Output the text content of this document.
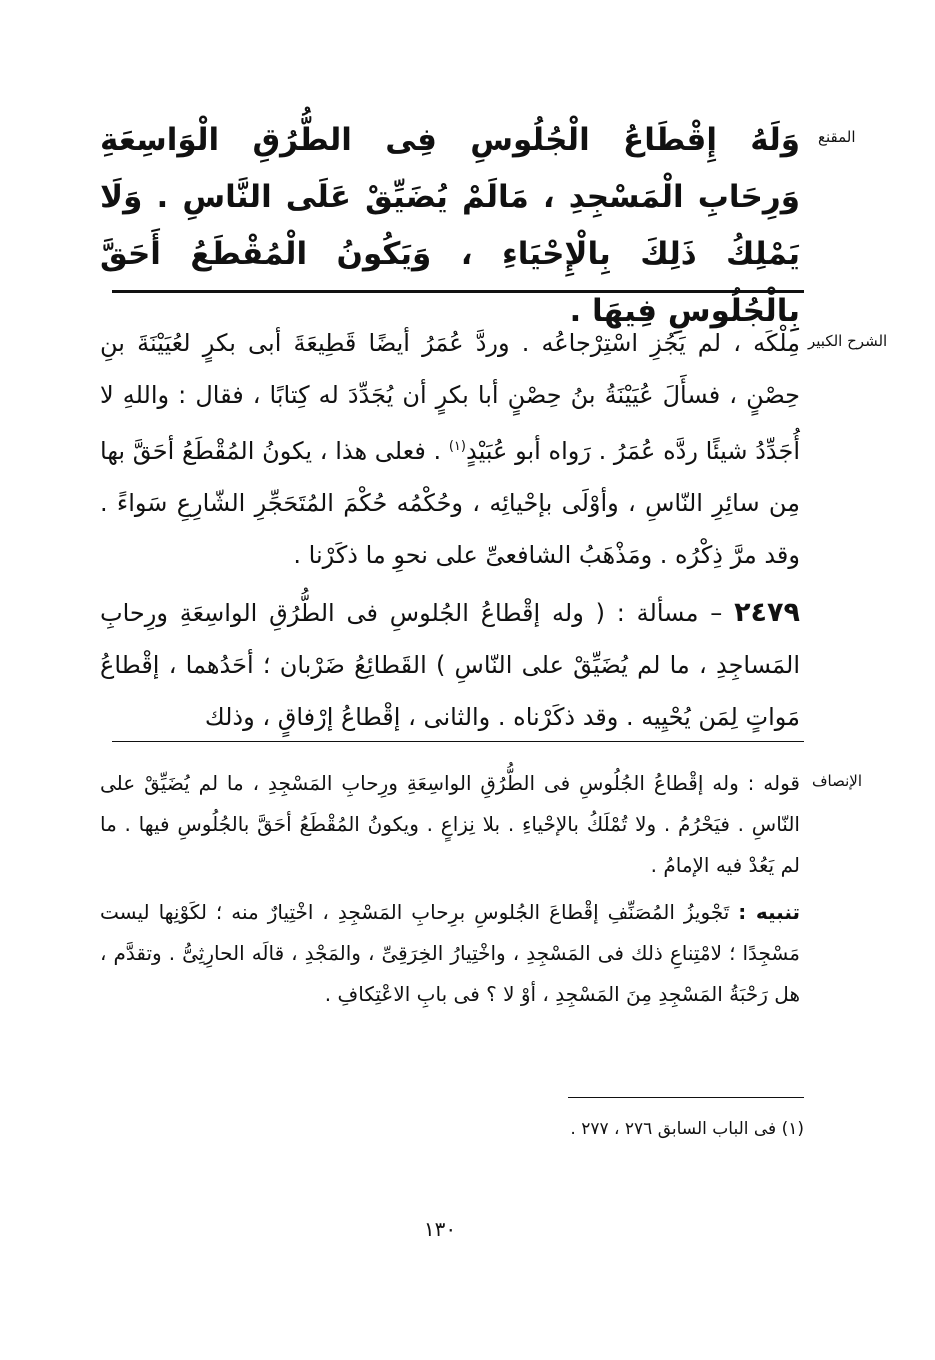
المقنع

وَلَهُ إِقْطَاعُ الْجُلُوسِ فِى الطُّرُقِ الْوَاسِعَةِ وَرِحَابِ الْمَسْجِدِ ، مَالَمْ يُضَيِّقْ عَلَى النَّاسِ . وَلَا يَمْلِكُ ذَلِكَ بِالْإِحْيَاءِ ، وَيَكُونُ الْمُقْطَعُ أَحَقَّ بِالْجُلُوسِ فِيهَا .

الشرح الكبير

مِلْكَه ، لم يَجُزِ اسْتِرْجاعُه . وردَّ عُمَرُ أيضًا قَطِيعَةَ أبى بكرٍ لعُيَيْنَةَ بنِ حِصْنٍ ، فسأَلَ عُيَيْنَةُ بنُ حِصْنٍ أبا بكرٍ أن يُجَدِّدَ له كِتابًا ، فقال : واللهِ لا أُجَدِّدُ شيئًا ردَّه عُمَرُ . رَواه أبو عُبَيْدٍ$^{(١)}$ . فعلى هذا ، يكونُ المُقْطَعُ أحَقَّ بها مِن سائِرِ النّاسِ ، وأوْلَى بإحْيائِه ، وحُكْمُه حُكْمَ المُتَحَجِّرِ الشّارِعِ سَواءً . وقد مرَّ ذِكْرُه . ومَذْهَبُ الشافعىِّ على نحوِ ما ذكَرْنا .

٢٤٧٩ – مسألة : ( وله إقْطاعُ الجُلوسِ فى الطُّرُقِ الواسِعَةِ ورِحابِ المَساجِدِ ، ما لم يُضَيِّقْ على النّاسِ ) القَطائِعُ ضَرْبان ؛ أحَدُهما ، إقْطاعُ مَواتٍ لِمَن يُحْيِيه . وقد ذكَرْناه . والثانى ، إقْطاعُ إرْفاقٍ ، وذلك

الإنصاف

قوله : وله إقْطاعُ الجُلُوسِ فى الطُّرُقِ الواسِعَةِ ورِحابِ المَسْجِدِ ، ما لم يُضَيِّقْ على النّاسِ . فيَحْرُمُ . ولا تُمْلَكُ بالإحْياءِ . بلا نِزاعٍ . ويكونُ المُقْطَعُ أحَقَّ بالجُلُوسِ فيها . ما لم يَعُدْ فيه الإمامُ .

تنبيه : تَجْويزُ المُصَنِّفِ إقْطاعَ الجُلوسِ برِحابِ المَسْجِدِ ، اخْتِيارٌ منه ؛ لكَوْنِها ليست مَسْجِدًا ؛ لامْتِناعِ ذلك فى المَسْجِدِ ، واخْتِيارُ الخِرَقِىِّ ، والمَجْدِ ، قالَه الحارِثِىُّ . وتقدَّم ، هل رَحْبَةُ المَسْجِدِ مِنَ المَسْجِدِ ، أوْ لا ؟ فى بابِ الاعْتِكافِ .

(١) فى الباب السابق ٢٧٦ ، ٢٧٧ .
١٣٠
